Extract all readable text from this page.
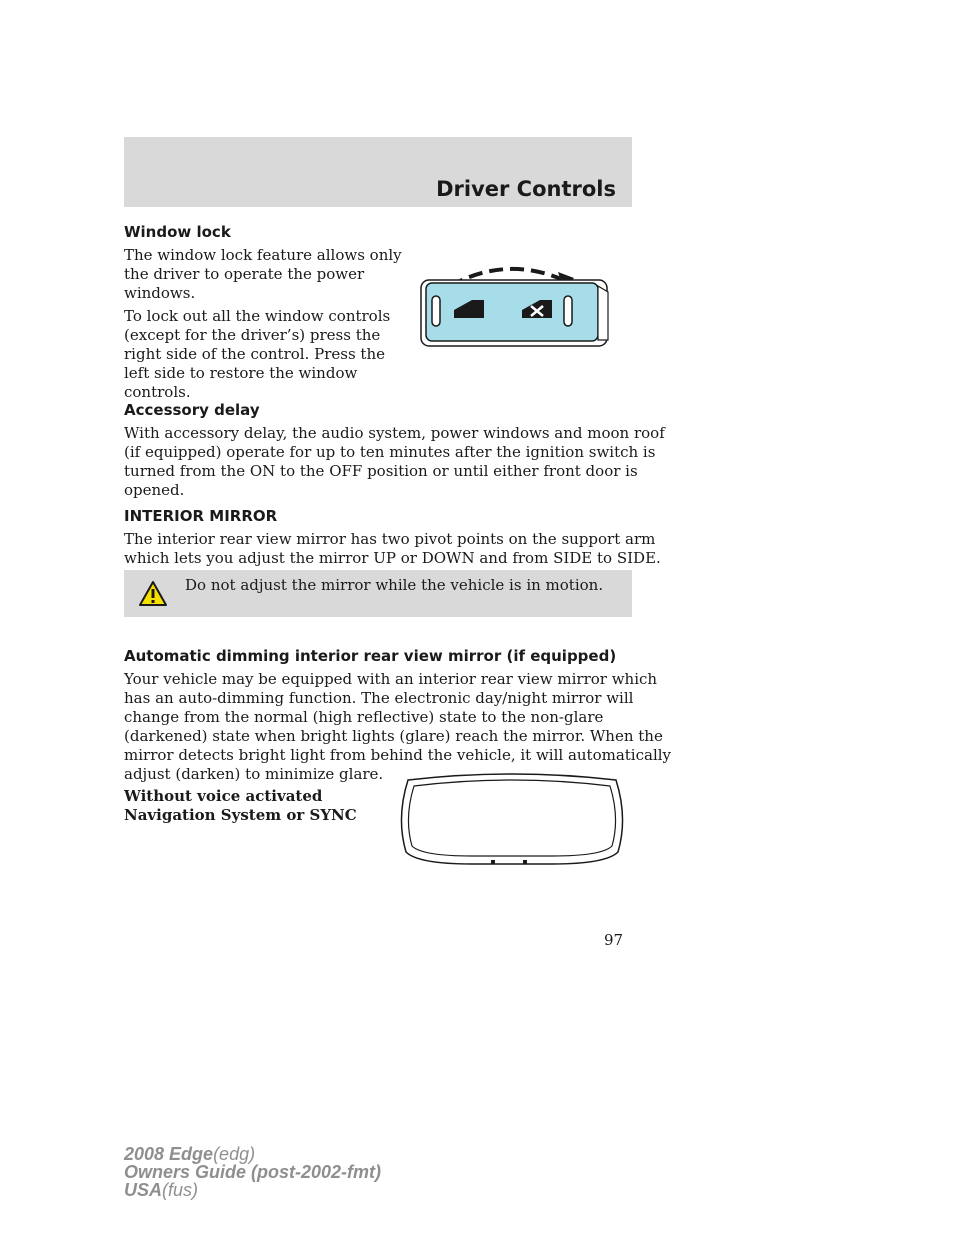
Driver Controls
Window lock

The window lock feature allows only
the driver to operate the power
windows.

To lock out all the window controls
(except for the driver’s) press the
right side of the control. Press the
left side to restore the window
controls.

Accessory delay

With accessory delay, the audio system, power windows and moon roof
(if equipped) operate for up to ten minutes after the ignition switch is
turned from the ON to the OFF position or until either front door is
opened.

INTERIOR MIRROR

The interior rear view mirror has two pivot points on the support arm
which lets you adjust the mirror UP or DOWN and from SIDE to SIDE.

Do not adjust the mirror while the vehicle is in motion.
Automatic dimming interior rear view mirror (if equipped)

Your vehicle may be equipped with an interior rear view mirror which
has an auto-dimming function. The electronic day/night mirror will
change from the normal (high reflective) state to the non-glare
(darkened) state when bright lights (glare) reach the mirror. When the
mirror detects bright light from behind the vehicle, it will automatically
adjust (darken) to minimize glare.

Without voice activated
Navigation System or SYNC

97
2008 Edge(edg)
Owners Guide (post-2002-fmt)
USA(fus)
